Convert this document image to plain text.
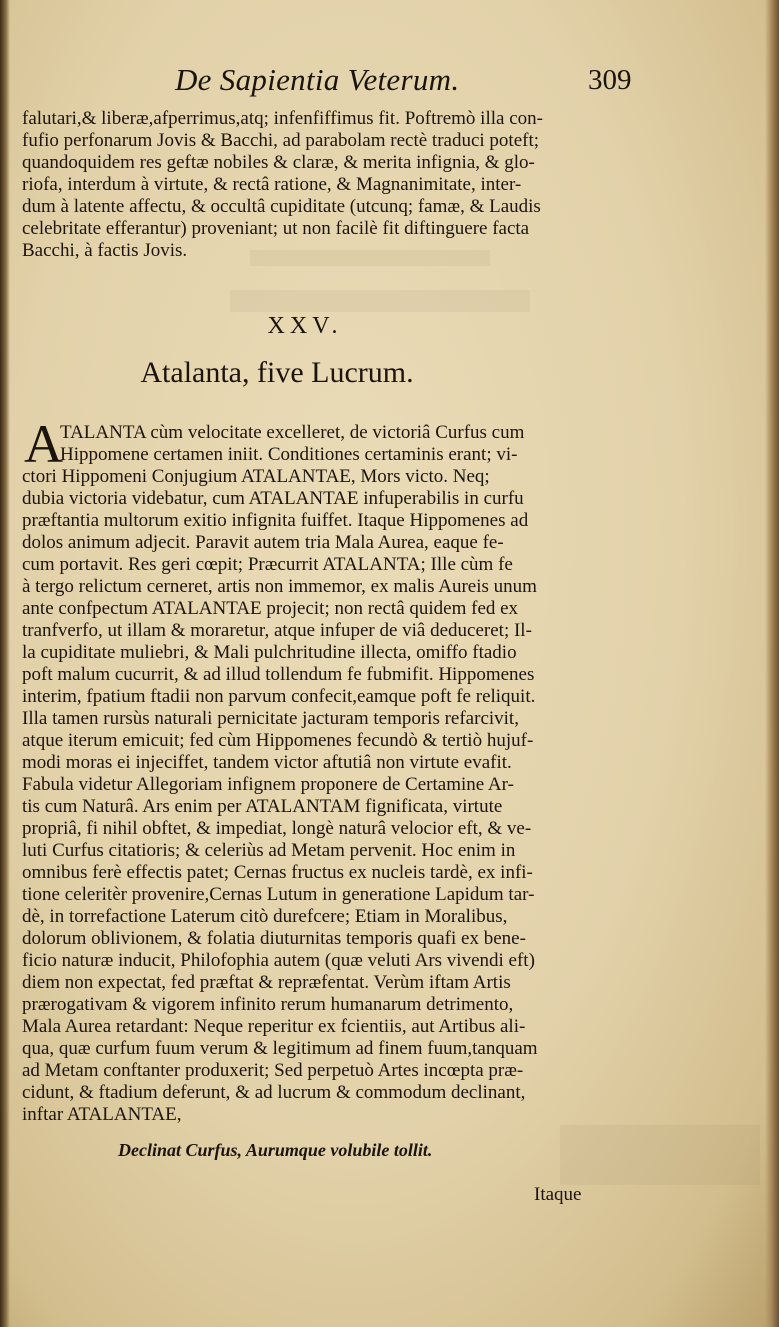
De Sapientia Veterum.	309
falutari,& liberæ,afperrimus,atq; infenfiffimus fit. Poftremò illa con-
fufio perfonarum Jovis & Bacchi, ad parabolam rectè traduci poteft;
quandoquidem res geftæ nobiles & claræ, & merita infignia, & glo-
riofa, interdum à virtute, & rectâ ratione, & Magnanimitate, inter-
dum à latente affectu, & occultâ cupiditate (utcunq; famæ, & Laudis
celebritate efferantur) proveniant; ut non facilè fit diftinguere facta
Bacchi, à factis Jovis.
XXV.
Atalanta, five Lucrum.
A
TALANTA cùm velocitate excelleret, de victoriâ Curfus cum
Hippomene certamen iniit. Conditiones certaminis erant; vi-
ctori Hippomeni Conjugium ATALANTAE, Mors victo. Neq;
dubia victoria videbatur, cum ATALANTAE infuperabilis in curfu
præftantia multorum exitio infignita fuiffet. Itaque Hippomenes ad
dolos animum adjecit. Paravit autem tria Mala Aurea, eaque fe-
cum portavit. Res geri cœpit; Præcurrit ATALANTA; Ille cùm fe
à tergo relictum cerneret, artis non immemor, ex malis Aureis unum
ante confpectum ATALANTAE projecit; non rectâ quidem fed ex
tranfverfo, ut illam & moraretur, atque infuper de viâ deduceret; Il-
la cupiditate muliebri, & Mali pulchritudine illecta, omiffo ftadio
poft malum cucurrit, & ad illud tollendum fe fubmifit. Hippomenes
interim, fpatium ftadii non parvum confecit,eamque poft fe reliquit.
Illa tamen rursùs naturali pernicitate jacturam temporis refarcivit,
atque iterum emicuit; fed cùm Hippomenes fecundò & tertiò hujuf-
modi moras ei injeciffet, tandem victor aftutiâ non virtute evafit.
Fabula videtur Allegoriam infignem proponere de Certamine Ar-
tis cum Naturâ. Ars enim per ATALANTAM fignificata, virtute
propriâ, fi nihil obftet, & impediat, longè naturâ velocior eft, & ve-
luti Curfus citatioris; & celeriùs ad Metam pervenit. Hoc enim in
omnibus ferè effectis patet; Cernas fructus ex nucleis tardè, ex infi-
tione celeritèr provenire,Cernas Lutum in generatione Lapidum tar-
dè, in torrefactione Laterum citò durefcere; Etiam in Moralibus,
dolorum oblivionem, & folatia diuturnitas temporis quafi ex bene-
ficio naturæ inducit, Philofophia autem (quæ veluti Ars vivendi eft)
diem non expectat, fed præftat & repræfentat. Verùm iftam Artis
prærogativam & vigorem infinito rerum humanarum detrimento,
Mala Aurea retardant: Neque reperitur ex fcientiis, aut Artibus ali-
qua, quæ curfum fuum verum & legitimum ad finem fuum,tanquam
ad Metam conftanter produxerit; Sed perpetuò Artes incœpta præ-
cidunt, & ftadium deferunt, & ad lucrum & commodum declinant,
inftar ATALANTAE,
Declinat Curfus, Aurumque volubile tollit.
Itaque
